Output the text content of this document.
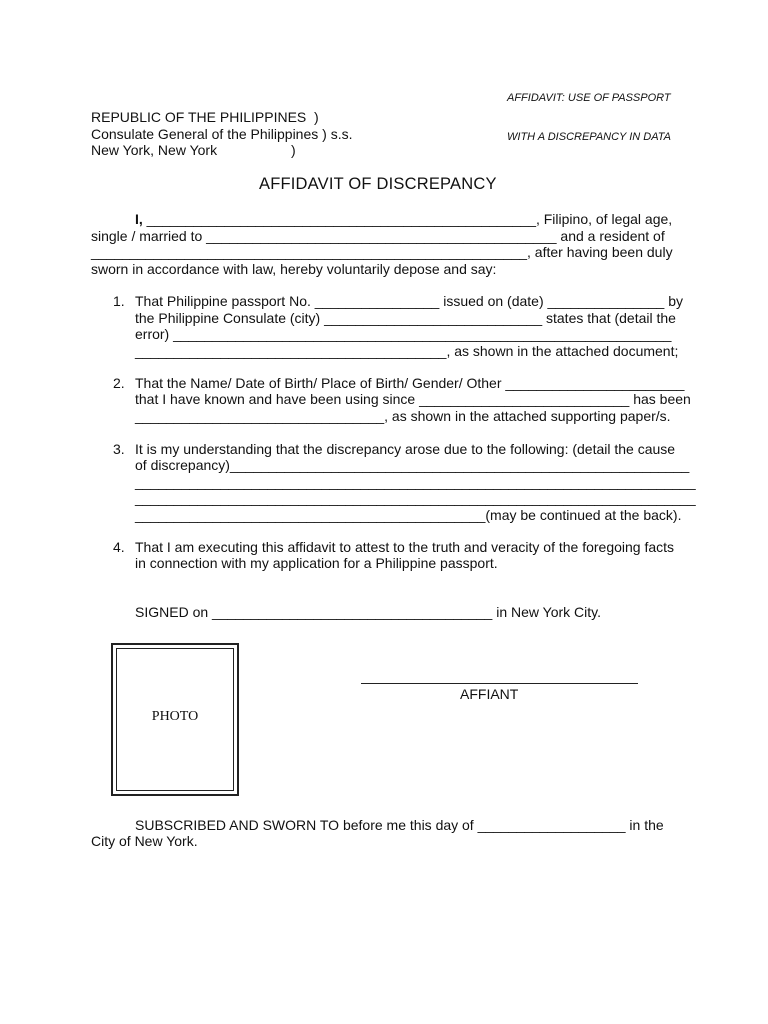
AFFIDAVIT: USE OF PASSPORT

WITH A DISCREPANCY IN DATA

REPUBLIC OF THE PHILIPPINES  )
Consulate General of the Philippines ) s.s.
New York, New York                   )
AFFIDAVIT OF DISCREPANCY
I, __________________________________________________, Filipino, of legal age,
single / married to _____________________________________________ and a resident of
________________________________________________________, after having been duly
sworn in accordance with law, hereby voluntarily depose and say:
1. That Philippine passport No. ________________ issued on (date) _______________ by
the Philippine Consulate (city) ____________________________ states that (detail the
error) ________________________________________________________________
________________________________________, as shown in the attached document;
2. That the Name/ Date of Birth/ Place of Birth/ Gender/ Other _______________________
that I have known and have been using since ___________________________ has been
________________________________, as shown in the attached supporting paper/s.
3. It is my understanding that the discrepancy arose due to the following: (detail the cause
of discrepancy)___________________________________________________________
________________________________________________________________________
________________________________________________________________________
_____________________________________________(may be continued at the back).
4. That I am executing this affidavit to attest to the truth and veracity of the foregoing facts
in connection with my application for a Philippine passport.
SIGNED on ____________________________________ in New York City.
PHOTO
AFFIANT
SUBSCRIBED AND SWORN TO before me this day of ___________________ in the
City of New York.
